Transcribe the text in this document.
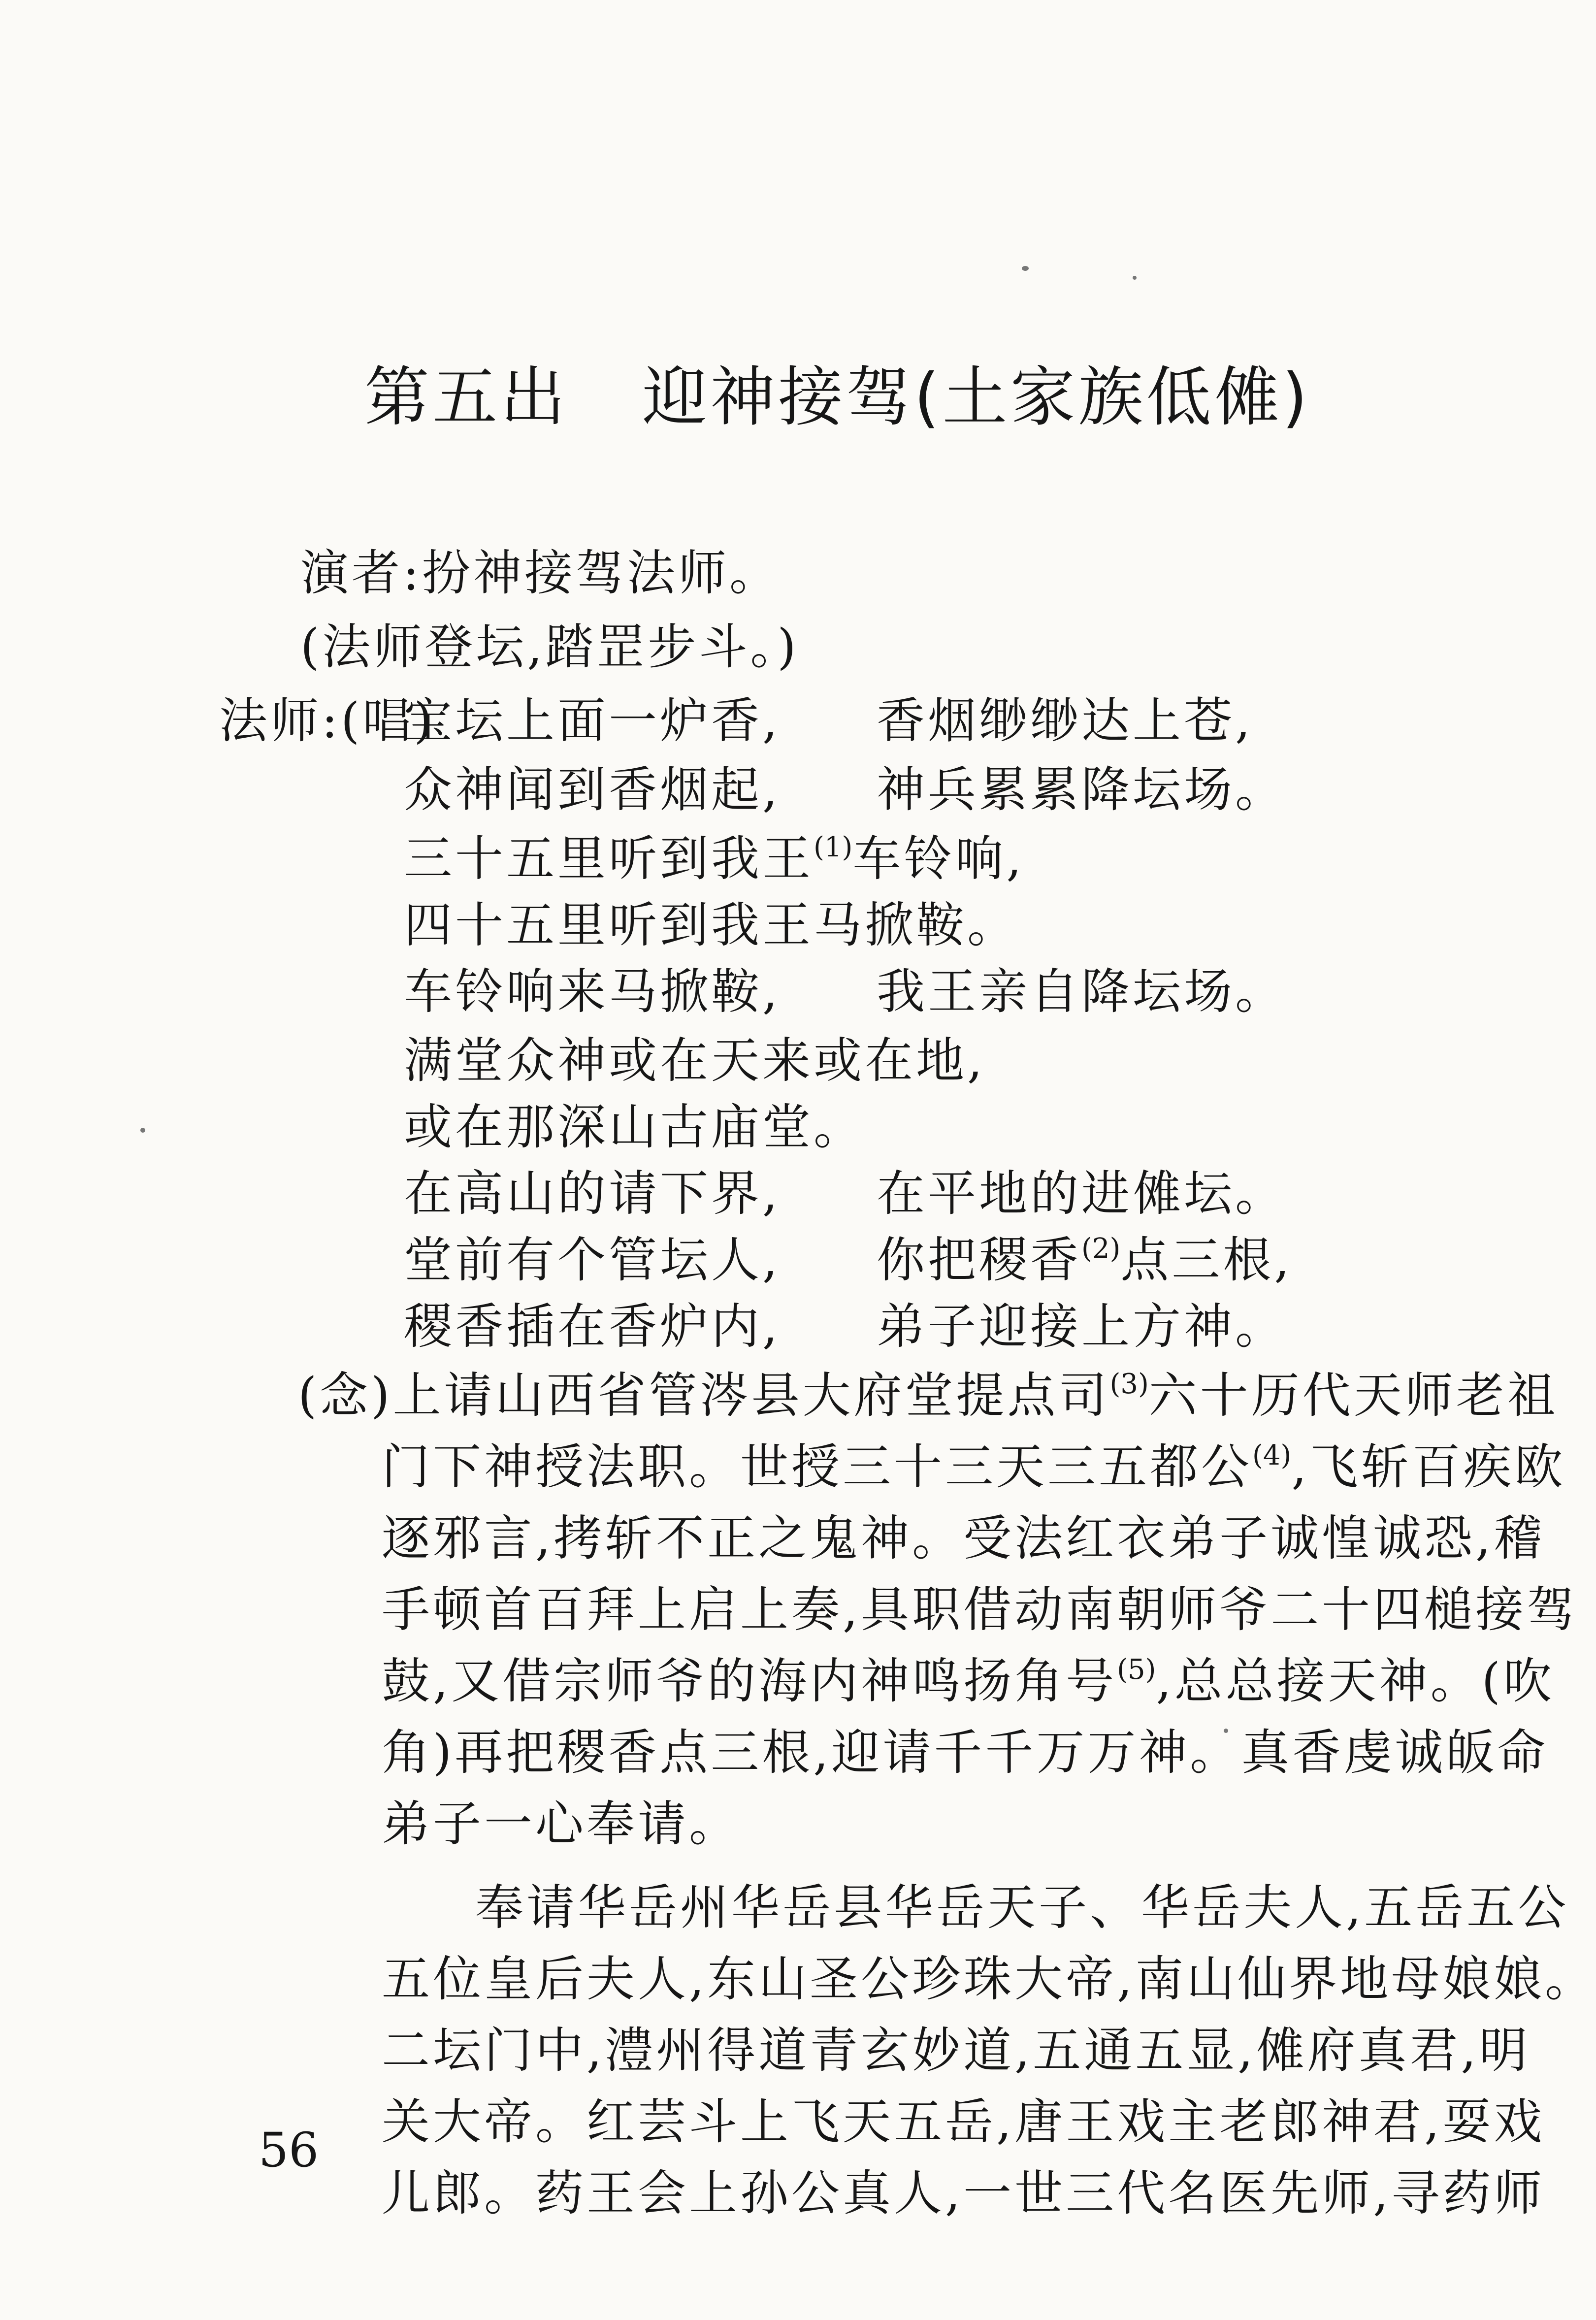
第五出 迎神接驾(土家族低傩)
演者:扮神接驾法师。
(法师登坛,踏罡步斗。)
法师:(唱)
宝坛上面一炉香, 香烟缈缈达上苍,
众神闻到香烟起, 神兵累累降坛场。
三十五里听到我王$^{(1)}$车铃响,
四十五里听到我王马掀鞍。
车铃响来马掀鞍, 我王亲自降坛场。
满堂众神或在天来或在地,
或在那深山古庙堂。
在高山的请下界, 在平地的进傩坛。
堂前有个管坛人, 你把稷香$^{(2)}$点三根,
稷香插在香炉内, 弟子迎接上方神。
(念)上请山西省管涔县大府堂提点司$^{(3)}$六十历代天师老祖
门下神授法职。世授三十三天三五都公$^{(4)}$,飞斩百疾欧
逐邪言,拷斩不正之鬼神。受法红衣弟子诚惶诚恐,稽
手顿首百拜上启上奏,具职借动南朝师爷二十四槌接驾
鼓,又借宗师爷的海内神鸣扬角号$^{(5)}$,总总接天神。(吹
角)再把稷香点三根,迎请千千万万神。真香虔诚皈命
弟子一心奉请。
奉请华岳州华岳县华岳天子、华岳夫人,五岳五公
五位皇后夫人,东山圣公珍珠大帝,南山仙界地母娘娘。
二坛门中,澧州得道青玄妙道,五通五显,傩府真君,明
关大帝。红芸斗上飞天五岳,唐王戏主老郎神君,耍戏
儿郎。药王会上孙公真人,一世三代名医先师,寻药师
56
